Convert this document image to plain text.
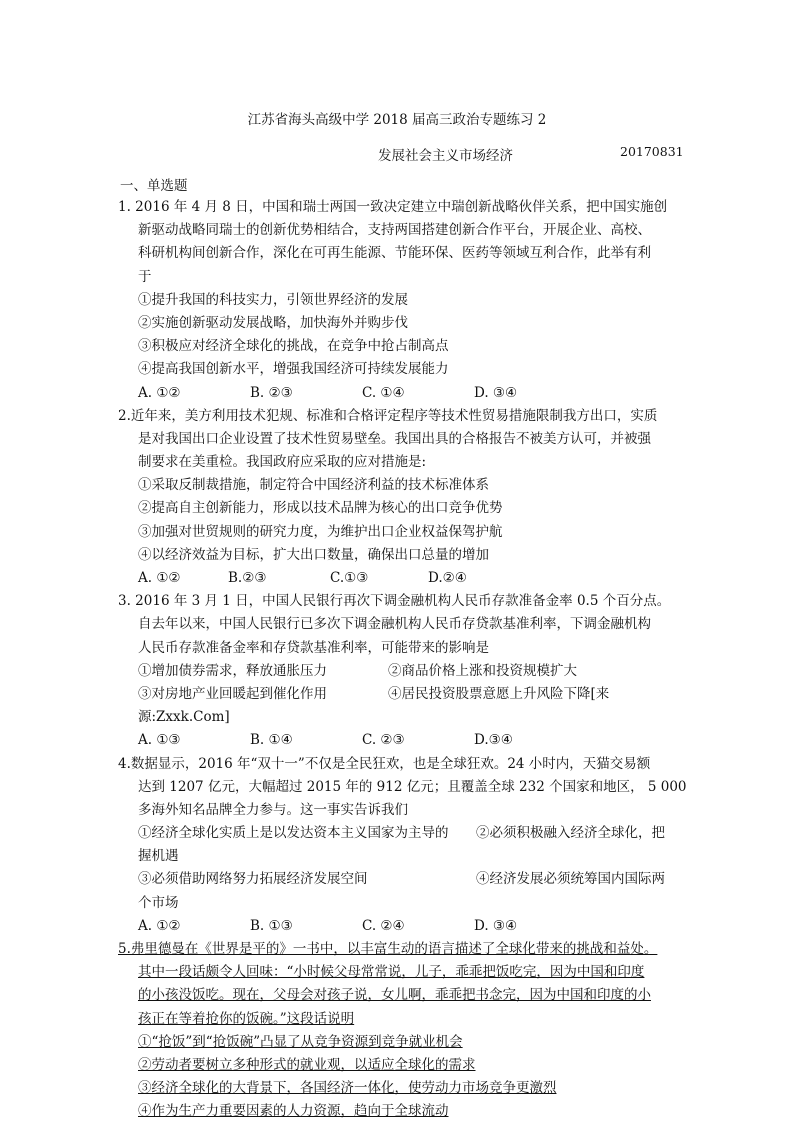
江苏省海头高级中学 2018 届高三政治专题练习 2
发展社会主义市场经济	20170831
一、单选题
1. 2016 年 4 月 8 日，中国和瑞士两国一致决定建立中瑞创新战略伙伴关系，把中国实施创
新驱动战略同瑞士的创新优势相结合，支持两国搭建创新合作平台，开展企业、高校、
科研机构间创新合作，深化在可再生能源、节能环保、医药等领域互利合作，此举有利
于
①提升我国的科技实力，引领世界经济的发展
②实施创新驱动发展战略，加快海外并购步伐
③积极应对经济全球化的挑战，在竞争中抢占制高点
④提高我国创新水平，增强我国经济可持续发展能力
A. ①②	B. ②③	C. ①④	D. ③④
2.近年来，美方利用技术犯规、标准和合格评定程序等技术性贸易措施限制我方出口，实质
是对我国出口企业设置了技术性贸易壁垒。我国出具的合格报告不被美方认可，并被强
制要求在美重检。我国政府应采取的应对措施是:
①采取反制裁措施，制定符合中国经济利益的技术标准体系
②提高自主创新能力，形成以技术品牌为核心的出口竞争优势
③加强对世贸规则的研究力度，为维护出口企业权益保驾护航
④以经济效益为目标，扩大出口数量，确保出口总量的增加
A. ①②	B.②③	C.①③	D.②④
3. 2016 年 3 月 1 日，中国人民银行再次下调金融机构人民币存款准备金率 0.5 个百分点。
自去年以来，中国人民银行已多次下调金融机构人民币存贷款基准利率，下调金融机构
人民币存款准备金率和存贷款基准利率，可能带来的影响是
①增加债券需求，释放通胀压力	②商品价格上涨和投资规模扩大
③对房地产业回暖起到催化作用	④居民投资股票意愿上升风险下降[来
源:Zxxk.Com]
A. ①③	B. ①④	C. ②③	D.③④
4.数据显示，2016 年“双十一”不仅是全民狂欢，也是全球狂欢。24 小时内，天猫交易额
达到 1207 亿元，大幅超过 2015 年的 912 亿元；且覆盖全球 232 个国家和地区， 5 000
多海外知名品牌全力参与。这一事实告诉我们
①经济全球化实质上是以发达资本主义国家为主导的 ②必须积极融入经济全球化，把
握机遇
③必须借助网络努力拓展经济发展空间	④经济发展必须统筹国内国际两
个市场
A. ①②	B. ①③	C. ②④	D. ③④
5.弗里德曼在《世界是平的》一书中，以丰富生动的语言描述了全球化带来的挑战和益处。
其中一段话颇令人回味：“小时候父母常常说，儿子，乖乖把饭吃完，因为中国和印度
的小孩没饭吃。现在，父母会对孩子说，女儿啊，乖乖把书念完，因为中国和印度的小
孩正在等着抢你的饭碗。”这段话说明
①“抢饭”到“抢饭碗”凸显了从竞争资源到竞争就业机会
②劳动者要树立多种形式的就业观，以适应全球化的需求
③经济全球化的大背景下，各国经济一体化，使劳动力市场竞争更激烈
④作为生产力重要因素的人力资源，趋向于全球流动
